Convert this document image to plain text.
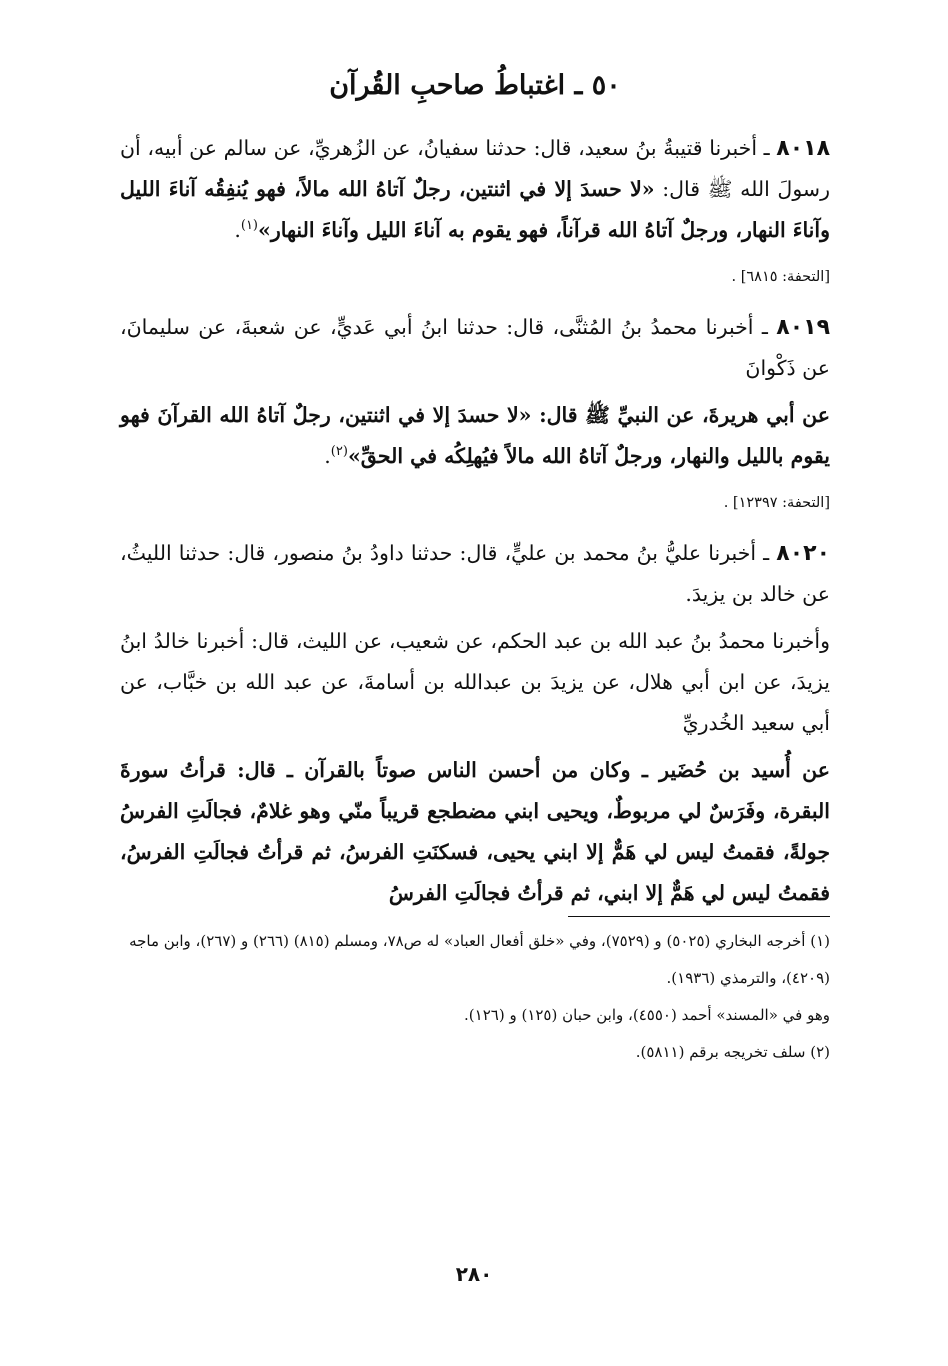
٥٠ ـ اغتباطُ صاحبِ القُرآن

٨٠١٨ ـ أخبرنا قتيبةُ بنُ سعيد، قال: حدثنا سفيانُ، عن الزُهريِّ، عن سالم عن أبيه، أن رسولَ الله ﷺ قال: «لا حسدَ إلا في اثنتين، رجلٌ آتاهُ الله مالاً، فهو يُنفِقُه آناءَ الليل وآناءَ النهار، ورجلٌ آتاهُ الله قرآناً، فهو يقوم به آناءَ الليل وآناءَ النهار»$^{(١)}$.

[التحفة: ٦٨١٥] .

٨٠١٩ ـ أخبرنا محمدُ بنُ المُثنَّى، قال: حدثنا ابنُ أبي عَديٍّ، عن شعبةَ، عن سليمانَ، عن ذَكْوانَ

عن أبي هريرةَ، عن النبيِّ ﷺ قال: «لا حسدَ إلا في اثنتين، رجلٌ آتاهُ الله القرآنَ فهو يقوم بالليل والنهار، ورجلٌ آتاهُ الله مالاً فيُهلِكُه في الحقِّ»$^{(٢)}$.

[التحفة: ١٢٣٩٧] .

٨٠٢٠ ـ أخبرنا عليُّ بنُ محمد بن عليٍّ، قال: حدثنا داودُ بنُ منصور، قال: حدثنا الليثُ، عن خالد بن يزيدَ.

وأخبرنا محمدُ بنُ عبد الله بن عبد الحكم، عن شعيب، عن الليث، قال: أخبرنا خالدُ ابنُ يزيدَ، عن ابن أبي هلال، عن يزيدَ بن عبدالله بن أسامةَ، عن عبد الله بن خبَّاب، عن أبي سعيد الخُدريِّ

عن أُسيد بن حُضَير ـ وكان من أحسن الناس صوتاً بالقرآن ـ قال: قرأتُ سورةَ البقرة، وفَرَسٌ لي مربوطٌ، ويحيى ابني مضطجع قريباً منّي وهو غلامٌ، فجالَتِ الفرسُ جولةً، فقمتُ ليس لي هَمٌّ إلا ابني يحيى، فسكنَتِ الفرسُ، ثم قرأتُ فجالَتِ الفرسُ، فقمتُ ليس لي هَمٌّ إلا ابني، ثم قرأتُ فجالَتِ الفرسُ

(١) أخرجه البخاري (٥٠٢٥) و (٧٥٢٩)، وفي «خلق أفعال العباد» له ص٧٨، ومسلم (٨١٥) (٢٦٦) و (٢٦٧)، وابن ماجه (٤٢٠٩)، والترمذي (١٩٣٦).

وهو في «المسند» أحمد (٤٥٥٠)، وابن حبان (١٢٥) و (١٢٦).

(٢) سلف تخريجه برقم (٥٨١١).

٢٨٠
